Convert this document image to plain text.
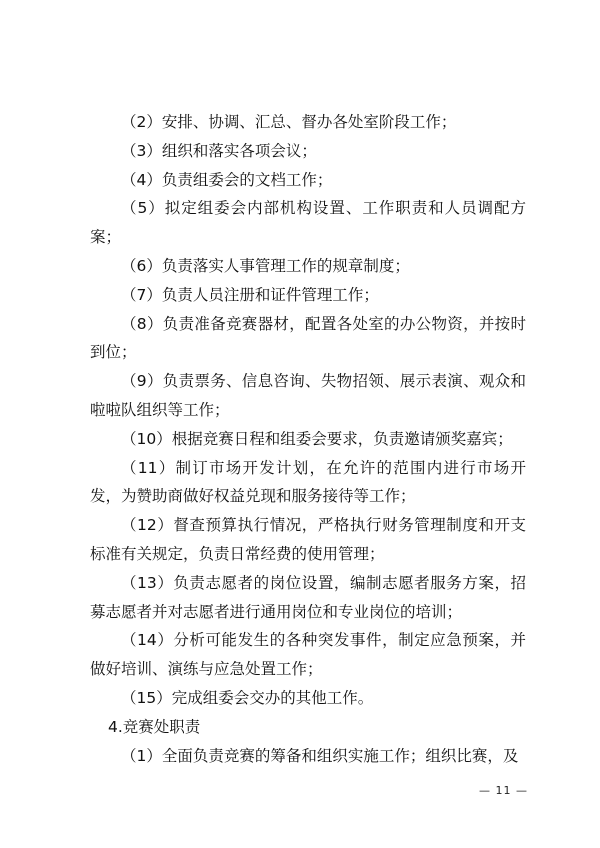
（2）安排、协调、汇总、督办各处室阶段工作；

（3）组织和落实各项会议；

（4）负责组委会的文档工作；

（5）拟定组委会内部机构设置、工作职责和人员调配方案；

（6）负责落实人事管理工作的规章制度；

（7）负责人员注册和证件管理工作；

（8）负责准备竞赛器材，配置各处室的办公物资，并按时到位；

（9）负责票务、信息咨询、失物招领、展示表演、观众和啦啦队组织等工作；

（10）根据竞赛日程和组委会要求，负责邀请颁奖嘉宾；

（11）制订市场开发计划，在允许的范围内进行市场开发，为赞助商做好权益兑现和服务接待等工作；

（12）督查预算执行情况，严格执行财务管理制度和开支标准有关规定，负责日常经费的使用管理；

（13）负责志愿者的岗位设置，编制志愿者服务方案，招募志愿者并对志愿者进行通用岗位和专业岗位的培训；

（14）分析可能发生的各种突发事件，制定应急预案，并做好培训、演练与应急处置工作；

（15）完成组委会交办的其他工作。

4.竞赛处职责

（1）全面负责竞赛的筹备和组织实施工作；组织比赛，及

— 11 —
